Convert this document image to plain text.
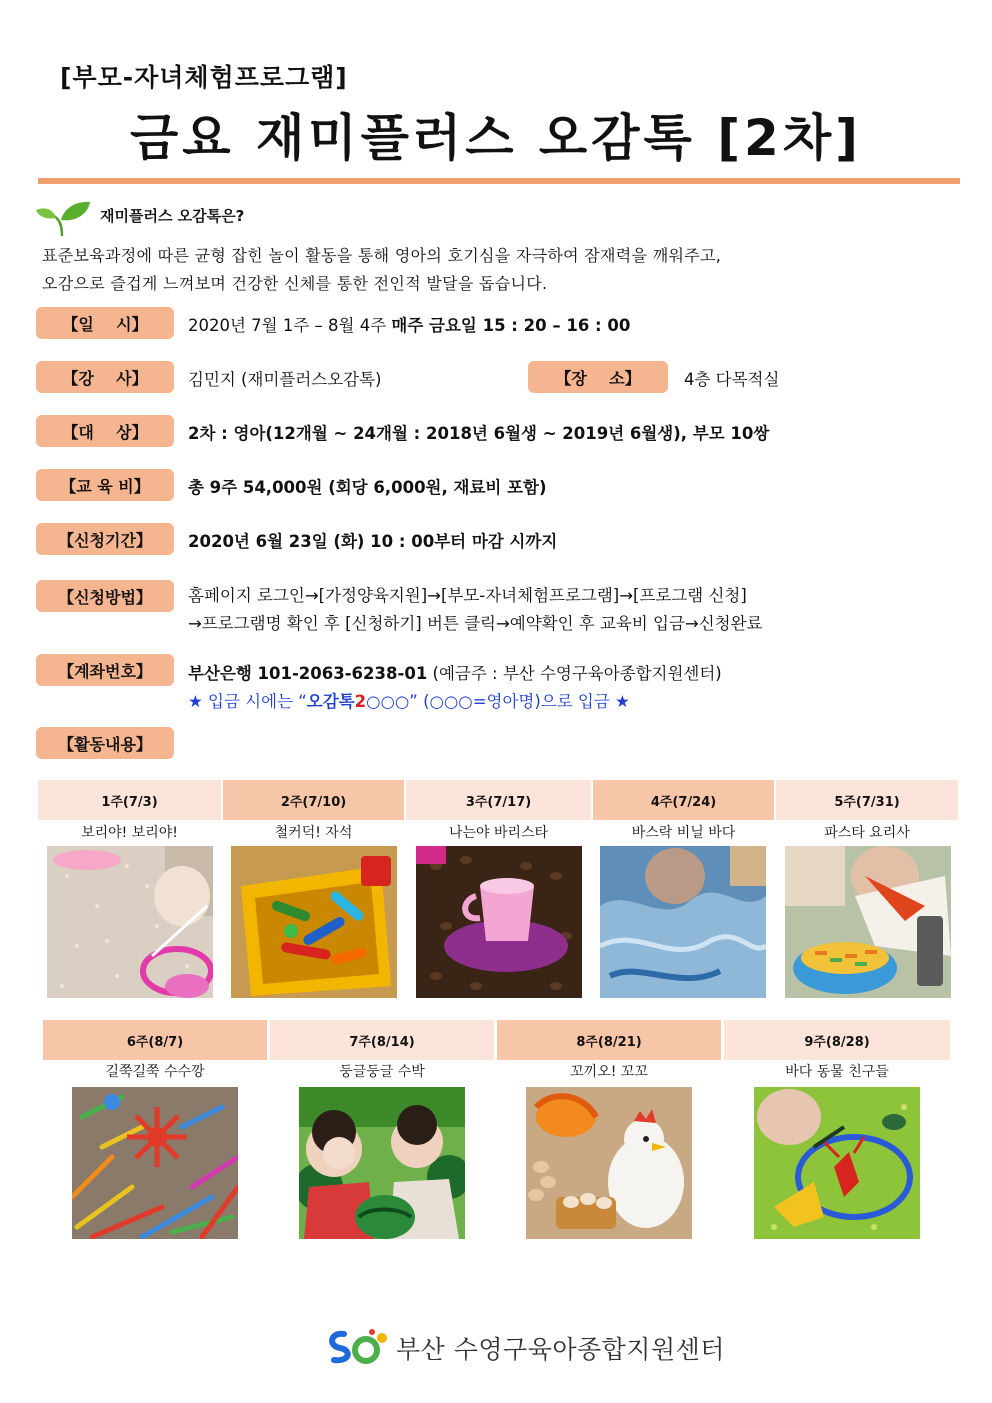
[부모-자녀체험프로그램]
금요 재미플러스 오감톡 [2차]
재미플러스 오감톡은?
표준보육과정에 따른 균형 잡힌 놀이 활동을 통해 영아의 호기심을 자극하여 잠재력을 깨워주고,
오감으로 즐겁게 느껴보며 건강한 신체를 통한 전인적 발달을 돕습니다.
【일    시】	2020년 7월 1주 – 8월 4주 매주 금요일 15 : 20 – 16 : 00
【강    사】	김민지 (재미플러스오감톡)	【장    소】	4층 다목적실
【대    상】	2차 : 영아(12개월 ~ 24개월 : 2018년 6월생 ~ 2019년 6월생), 부모 10쌍
【교 육 비】	총 9주 54,000원 (회당 6,000원, 재료비 포함)
【신청기간】	2020년 6월 23일 (화) 10 : 00부터 마감 시까지
【신청방법】	홈페이지 로그인→[가정양육지원]→[부모-자녀체험프로그램]→[프로그램 신청]
→프로그램명 확인 후 [신청하기] 버튼 클릭→예약확인 후 교육비 입금→신청완료
【계좌번호】	부산은행 101-2063-6238-01 (예금주 : 부산 수영구육아종합지원센터)
★ 입금 시에는 “오감톡2○○○” (○○○=영아명)으로 입금 ★
【활동내용】
1주(7/3)	2주(7/10)	3주(7/17)	4주(7/24)	5주(7/31)
보리야! 보리야!	철커덕! 자석	나는야 바리스타	바스락 비닐 바다	파스타 요리사
6주(8/7)	7주(8/14)	8주(8/21)	9주(8/28)
길쭉길쭉 수수깡	둥글둥글 수박	꼬끼오! 꼬꼬	바다 동물 친구들
부산 수영구육아종합지원센터
